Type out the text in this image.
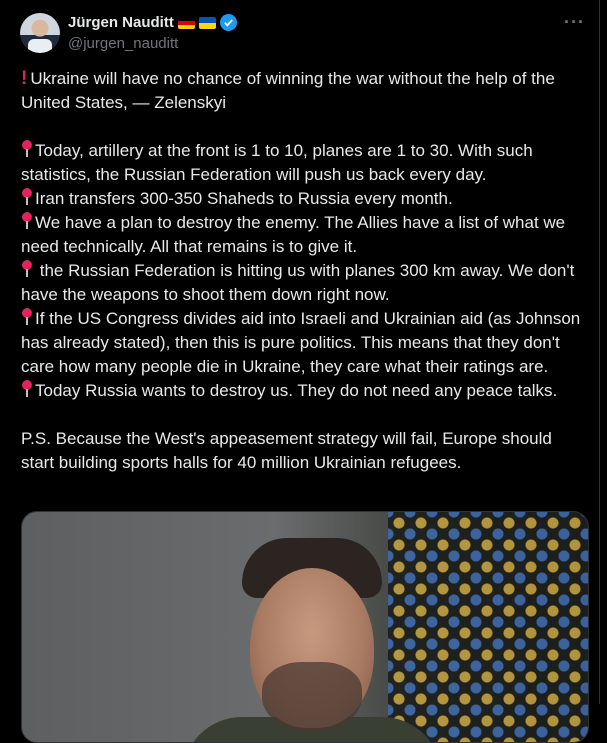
Jürgen Nauditt
@jurgen_nauditt
···

! Ukraine will have no chance of winning the war without the help of the United States, — Zelenskyi

Today, artillery at the front is 1 to 10, planes are 1 to 30. With such statistics, the Russian Federation will push us back every day.

Iran transfers 300-350 Shaheds to Russia every month.

We have a plan to destroy the enemy. The Allies have a list of what we need technically. All that remains is to give it.

the Russian Federation is hitting us with planes 300 km away. We don't have the weapons to shoot them down right now.

If the US Congress divides aid into Israeli and Ukrainian aid (as Johnson has already stated), then this is pure politics. This means that they don't care how many people die in Ukraine, they care what their ratings are.

Today Russia wants to destroy us. They do not need any peace talks.

P.S. Because the West's appeasement strategy will fail, Europe should start building sports halls for 40 million Ukrainian refugees.
